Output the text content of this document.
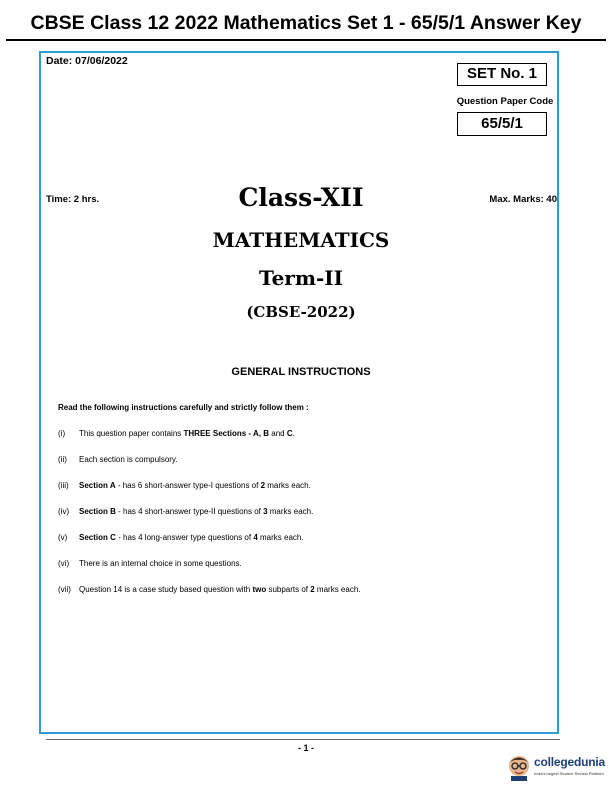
CBSE Class 12 2022 Mathematics Set 1 - 65/5/1 Answer Key
Date: 07/06/2022
SET No. 1
Question Paper Code
65/5/1
Time: 2 hrs.	Max. Marks: 40
Class-XII
MATHEMATICS
Term-II
(CBSE-2022)
GENERAL INSTRUCTIONS
Read the following instructions carefully and strictly follow them :
(i) This question paper contains THREE Sections - A, B and C.
(ii) Each section is compulsory.
(iii) Section A - has 6 short-answer type-I questions of 2 marks each.
(iv) Section B - has 4 short-answer type-II questions of 3 marks each.
(v) Section C - has 4 long-answer type questions of 4 marks each.
(vi) There is an internal choice in some questions.
(vii) Question 14 is a case study based question with two subparts of 2 marks each.
- 1 -
collegedunia
India's largest Student Review Platform
